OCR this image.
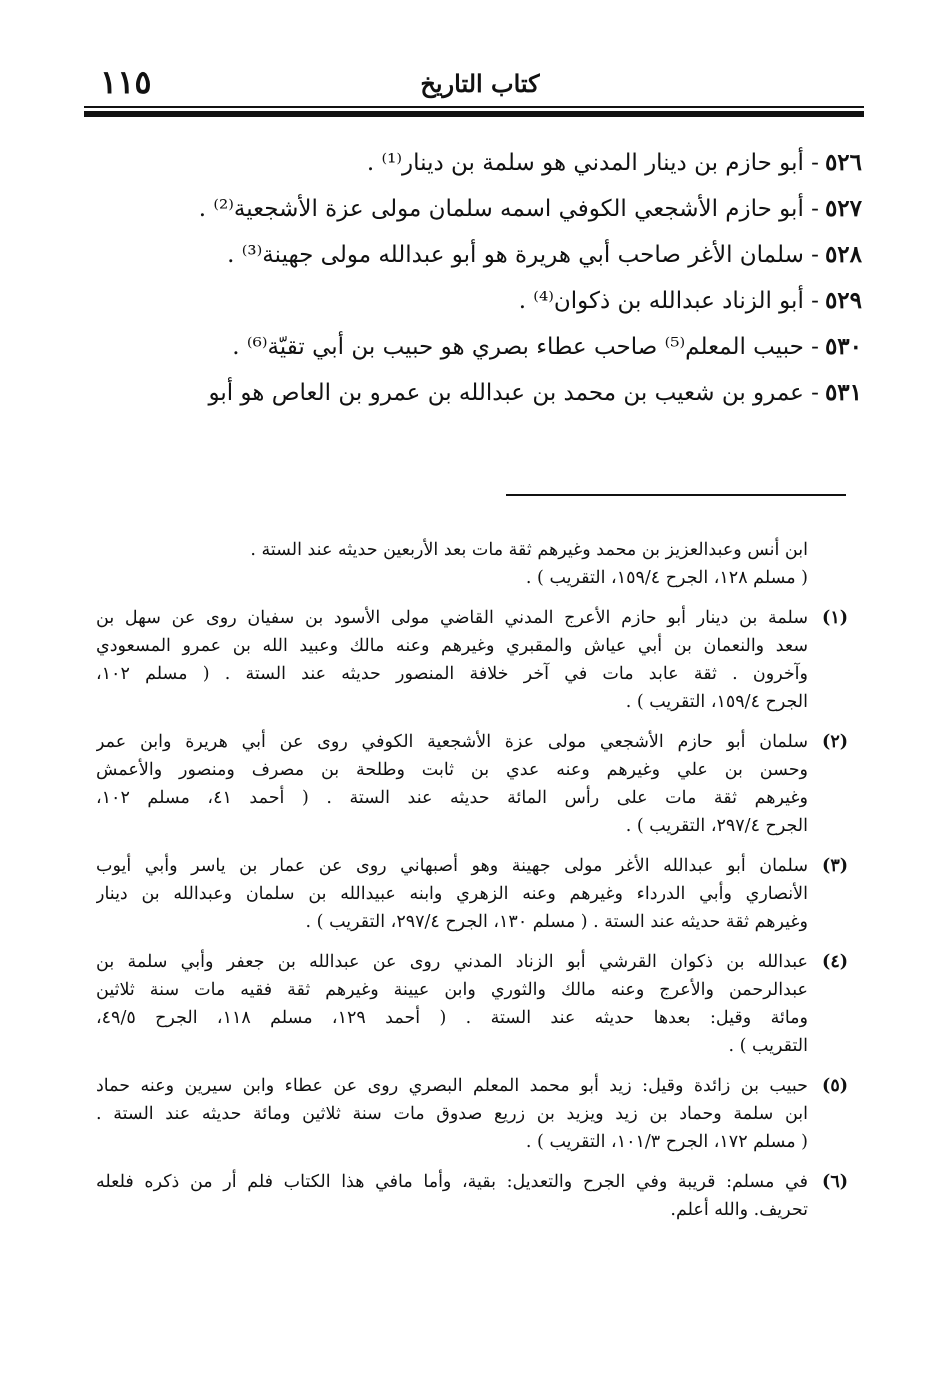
١١٥	كتاب التاريخ
٥٢٦- أبو حازم بن دينار المدني هو سلمة بن دينار⁽¹⁾ .
٥٢٧- أبو حازم الأشجعي الكوفي اسمه سلمان مولى عزة الأشجعية⁽²⁾ .
٥٢٨- سلمان الأغر صاحب أبي هريرة هو أبو عبدالله مولى جهينة⁽³⁾ .
٥٢٩- أبو الزناد عبدالله بن ذكوان⁽⁴⁾ .
٥٣٠- حبيب المعلم⁽⁵⁾ صاحب عطاء بصري هو حبيب بن أبي تقيّة⁽⁶⁾ .
٥٣١- عمرو بن شعيب بن محمد بن عبدالله بن عمرو بن العاص هو أبو
ابن أنس وعبدالعزيز بن محمد وغيرهم ثقة مات بعد الأربعين حديثه عند الستة .
( مسلم ١٢٨، الجرح ١٥٩/٤، التقريب ) .
(١)
سلمة بن دينار أبو حازم الأعرج المدني القاضي مولى الأسود بن سفيان روى عن سهل بن
سعد والنعمان بن أبي عياش والمقبري وغيرهم وعنه مالك وعبيد الله بن عمرو المسعودي
وآخرون . ثقة عابد مات في آخر خلافة المنصور حديثه عند الستة . ( مسلم ١٠٢،
الجرح ١٥٩/٤، التقريب ) .
(٢)
سلمان أبو حازم الأشجعي مولى عزة الأشجعية الكوفي روى عن أبي هريرة وابن عمر
وحسن بن علي وغيرهم وعنه عدي بن ثابت وطلحة بن مصرف ومنصور والأعمش
وغيرهم ثقة مات على رأس المائة حديثه عند الستة . ( أحمد ٤١، مسلم ١٠٢،
الجرح ٢٩٧/٤، التقريب ) .
(٣)
سلمان أبو عبدالله الأغر مولى جهينة وهو أصبهاني روى عن عمار بن ياسر وأبي أيوب
الأنصاري وأبي الدرداء وغيرهم وعنه الزهري وابنه عبيدالله بن سلمان وعبدالله بن دينار
وغيرهم ثقة حديثه عند الستة . ( مسلم ١٣٠، الجرح ٢٩٧/٤، التقريب ) .
(٤)
عبدالله بن ذكوان القرشي أبو الزناد المدني روى عن عبدالله بن جعفر وأبي سلمة بن
عبدالرحمن والأعرج وعنه مالك والثوري وابن عيينة وغيرهم ثقة فقيه مات سنة ثلاثين
ومائة وقيل: بعدها حديثه عند الستة . ( أحمد ١٢٩، مسلم ١١٨، الجرح ٤٩/٥،
التقريب ) .
(٥)
حبيب بن زائدة وقيل: زيد أبو محمد المعلم البصري روى عن عطاء وابن سيرين وعنه حماد
ابن سلمة وحماد بن زيد ويزيد بن زريع صدوق مات سنة ثلاثين ومائة حديثه عند الستة .
( مسلم ١٧٢، الجرح ١٠١/٣، التقريب ) .
(٦)
في مسلم: قريبة وفي الجرح والتعديل: بقية، وأما مافي هذا الكتاب فلم أر من ذكره فلعله
تحريف. والله أعلم.
